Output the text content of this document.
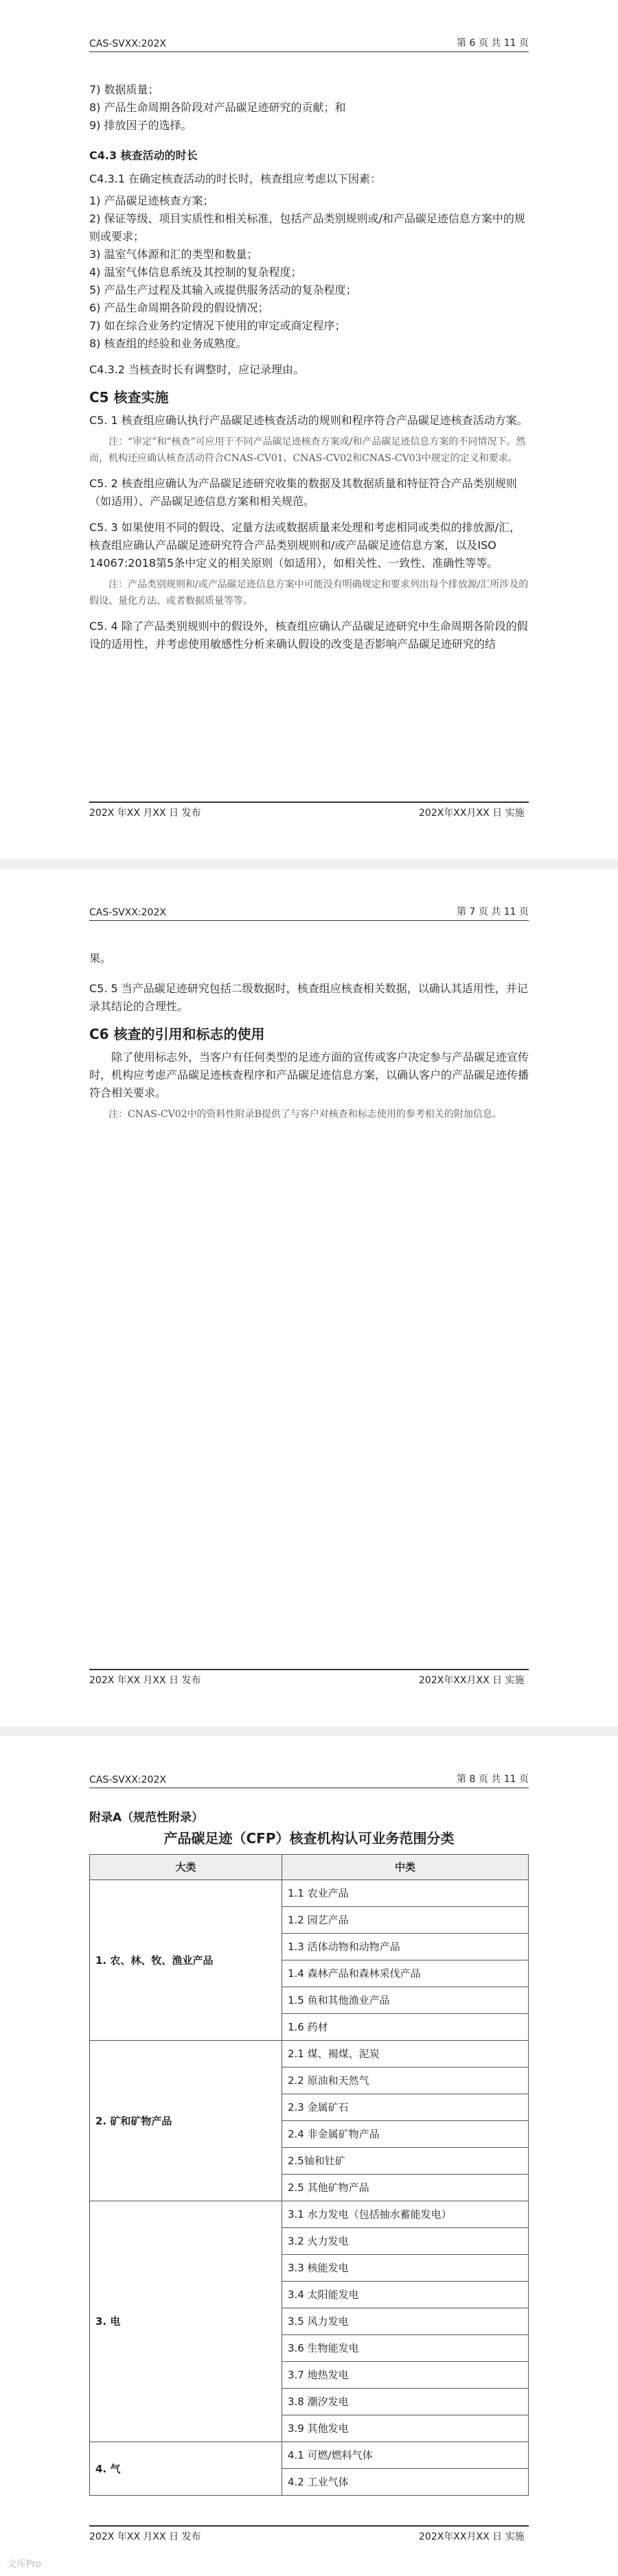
CAS-SVXX:202X	第 6 页 共 11 页

7) 数据质量；

8) 产品生命周期各阶段对产品碳足迹研究的贡献；和

9) 排放因子的选择。

C4.3 核查活动的时长

C4.3.1 在确定核查活动的时长时，核查组应考虑以下因素：

1) 产品碳足迹核查方案；

2) 保证等级、项目实质性和相关标准，包括产品类别规则或/和产品碳足迹信息方案中的规则或要求；

3) 温室气体源和汇的类型和数量；

4) 温室气体信息系统及其控制的复杂程度；

5) 产品生产过程及其输入或提供服务活动的复杂程度；

6) 产品生命周期各阶段的假设情况；

7) 如在综合业务约定情况下使用的审定或商定程序；

8) 核查组的经验和业务成熟度。

C4.3.2 当核查时长有调整时，应记录理由。

C5 核查实施

C5. 1 核查组应确认执行产品碳足迹核查活动的规则和程序符合产品碳足迹核查活动方案。

注：“审定”和“核查”可应用于不同产品碳足迹核查方案或/和产品碳足迹信息方案的不同情况下。然而，机构还应确认核查活动符合CNAS-CV01、CNAS-CV02和CNAS-CV03中规定的定义和要求。

C5. 2 核查组应确认为产品碳足迹研究收集的数据及其数据质量和特征符合产品类别规则（如适用）、产品碳足迹信息方案和相关规范。

C5. 3 如果使用不同的假设、定量方法或数据质量来处理和考虑相同或类似的排放源/汇，核查组应确认产品碳足迹研究符合产品类别规则和/或产品碳足迹信息方案，以及ISO 14067:2018第5条中定义的相关原则（如适用），如相关性、一致性、准确性等等。

注：产品类别规则和/或产品碳足迹信息方案中可能没有明确规定和要求列出每个排放源/汇所涉及的假设、量化方法、或者数据质量等等。

C5. 4 除了产品类别规则中的假设外，核查组应确认产品碳足迹研究中生命周期各阶段的假设的适用性，并考虑使用敏感性分析来确认假设的改变是否影响产品碳足迹研究的结

202X 年XX 月XX 日 发布	202X年XX月XX 日 实施
CAS-SVXX:202X	第 7 页 共 11 页

果。

C5. 5 当产品碳足迹研究包括二级数据时，核查组应核查相关数据，以确认其适用性，并记录其结论的合理性。

C6 核查的引用和标志的使用

除了使用标志外，当客户有任何类型的足迹方面的宣传或客户决定参与产品碳足迹宣传时，机构应考虑产品碳足迹核查程序和产品碳足迹信息方案，以确认客户的产品碳足迹传播符合相关要求。

注：CNAS-CV02中的资料性附录B提供了与客户对核查和标志使用的参考相关的附加信息。

202X 年XX 月XX 日 发布	202X年XX月XX 日 实施
CAS-SVXX:202X	第 8 页 共 11 页

附录A（规范性附录）

产品碳足迹（CFP）核查机构认可业务范围分类

大类	中类
1. 农、林、牧、渔业产品	1.1 农业产品
	1.2 园艺产品
	1.3 活体动物和动物产品
	1.4 森林产品和森林采伐产品
	1.5 鱼和其他渔业产品
	1.6 药材
2. 矿和矿物产品	2.1 煤、褐煤、泥炭
	2.2 原油和天然气
	2.3 金属矿石
	2.4 非金属矿物产品
	2.5铀和钍矿
	2.5 其他矿物产品
3. 电	3.1 水力发电（包括抽水蓄能发电）
	3.2 火力发电
	3.3 核能发电
	3.4 太阳能发电
	3.5 风力发电
	3.6 生物能发电
	3.7 地热发电
	3.8 潮汐发电
	3.9 其他发电
4. 气	4.1 可燃/燃料气体
	4.2 工业气体
202X 年XX 月XX 日 发布	202X年XX月XX 日 实施
文库Pro
